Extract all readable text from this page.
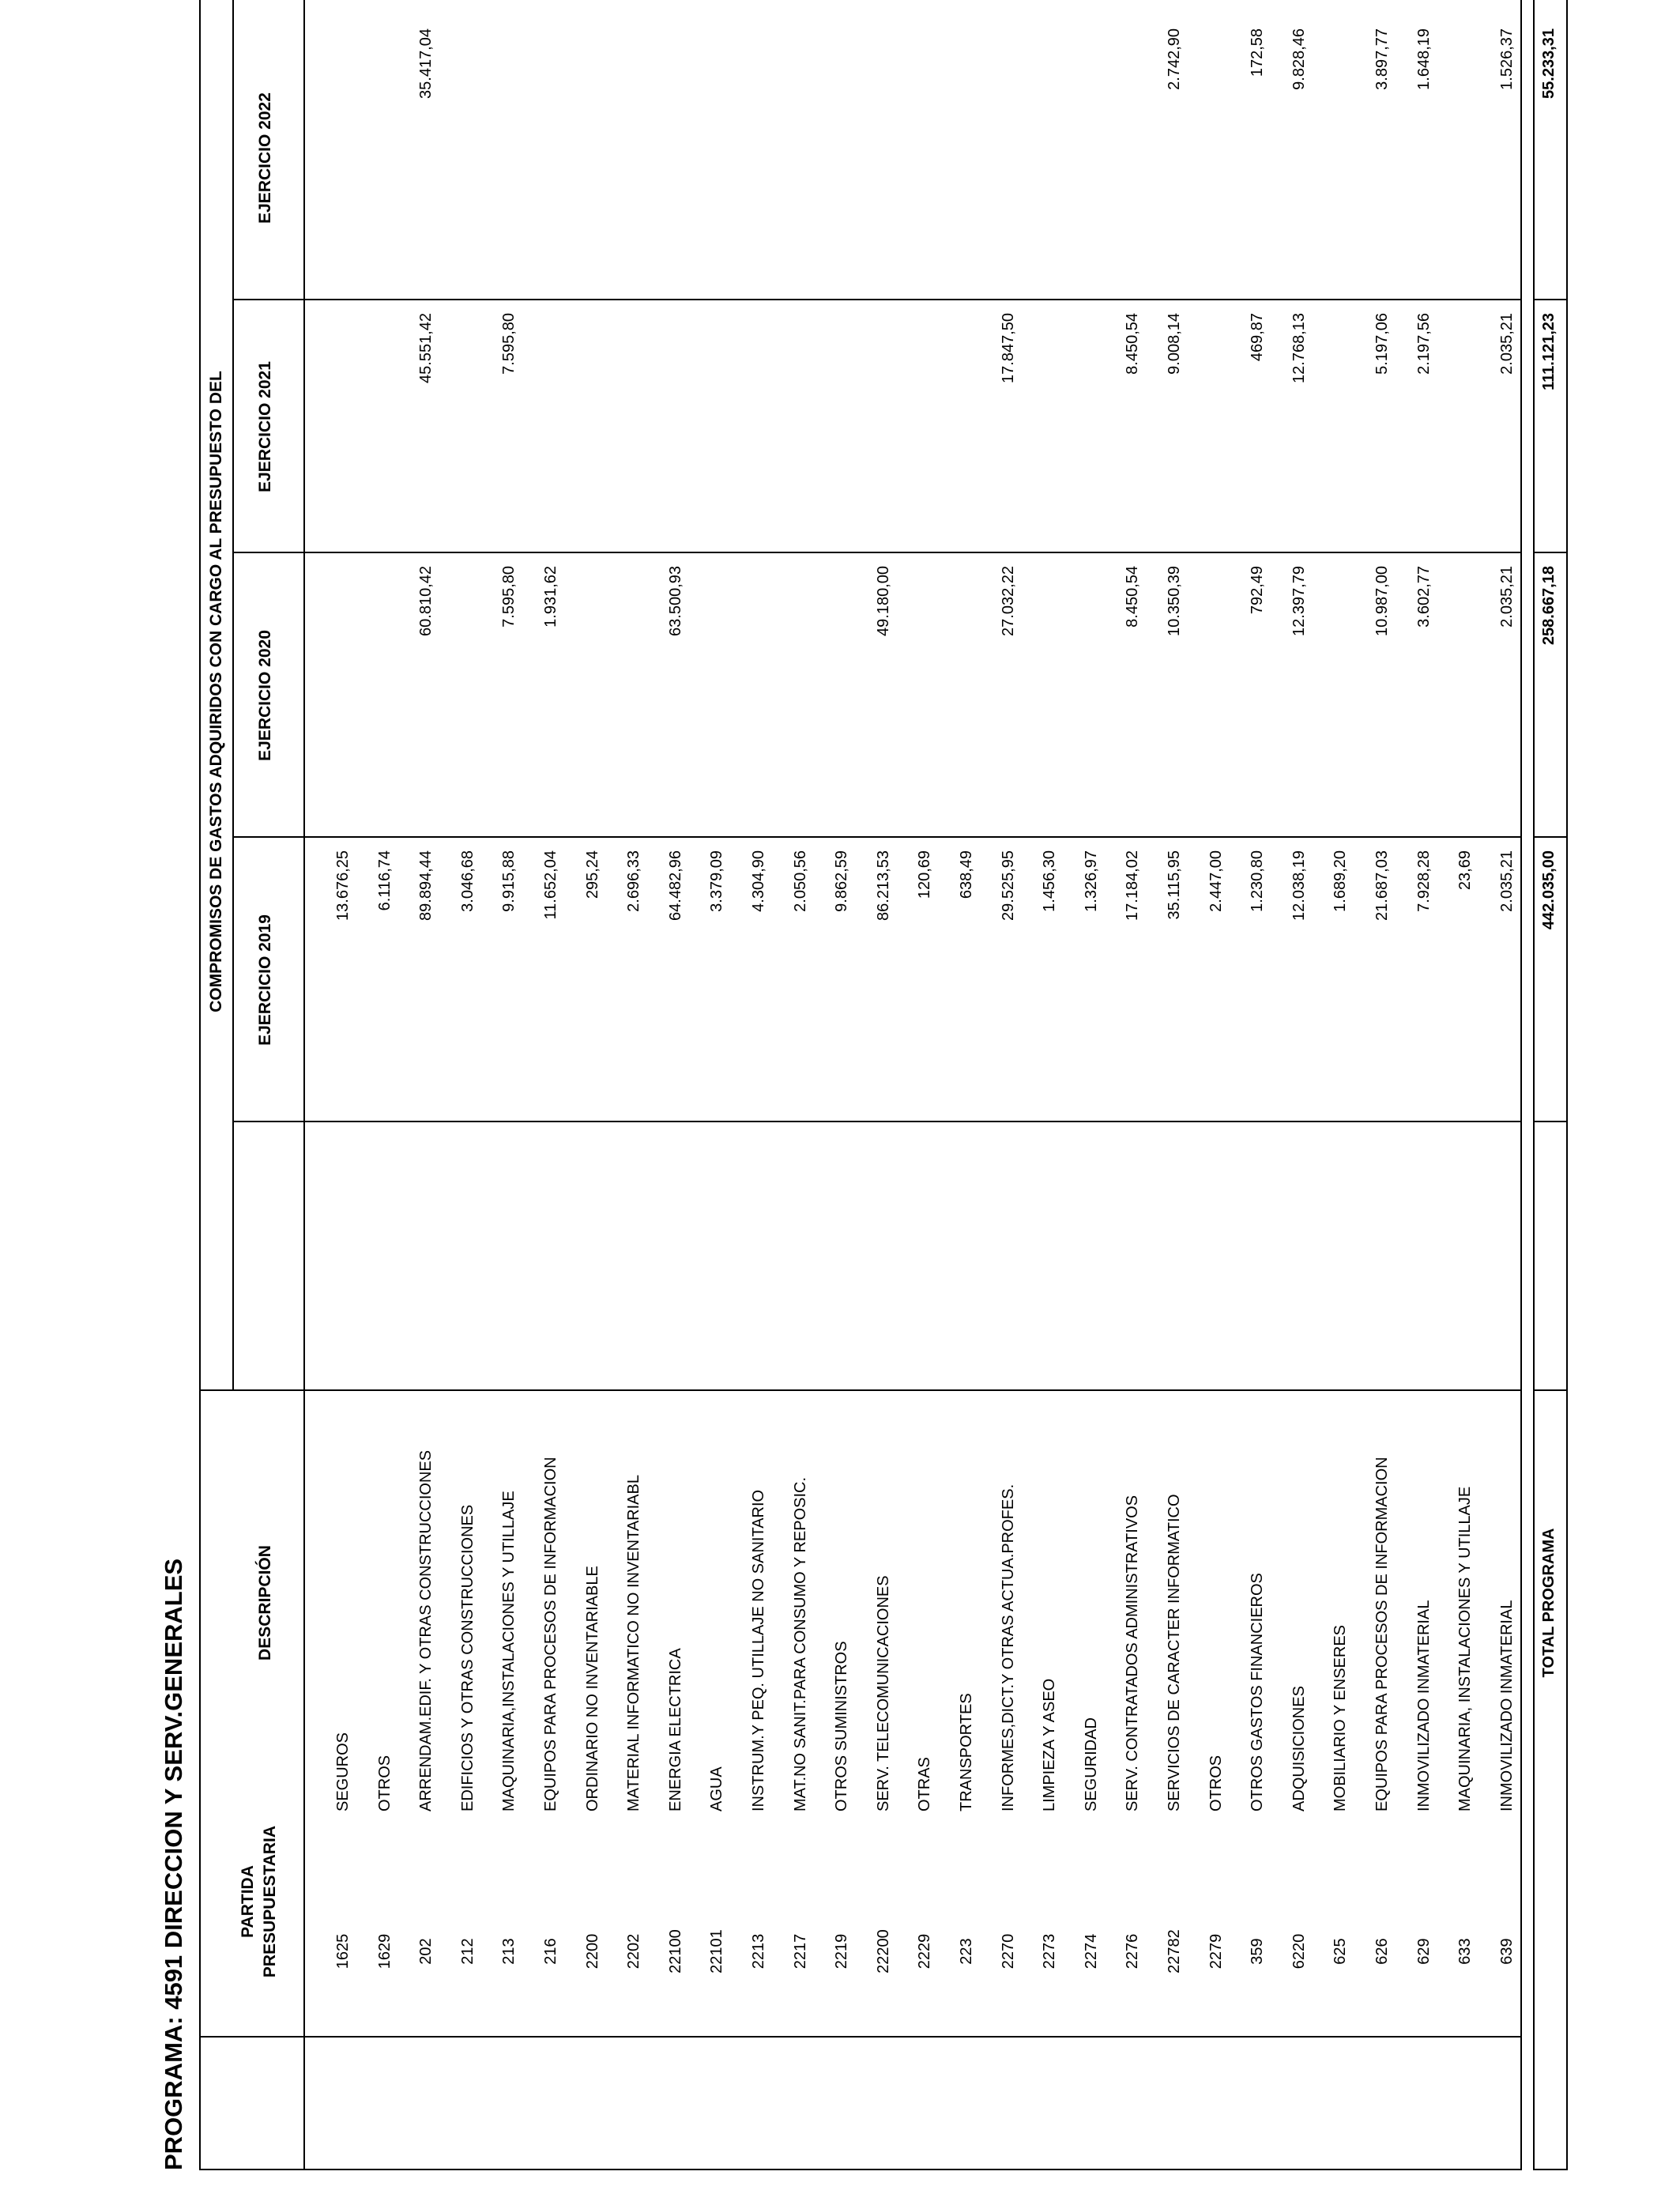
PROGRAMA: 4591 DIRECCION Y SERV.GENERALES	PARTIDA PRESUPUESTARIA
DESCRIPCIÓN
COMPROMISOS DE GASTOS ADQUIRIDOS CON CARGO AL PRESUPUESTO DEL EJERCICIO 2019
EJERCICIO 2020
EJERCICIO 2021
EJERCICIO 2022
1625
SEGUROS
13.676,25
1629
OTROS
6.116,74
202
ARRENDAM.EDIF. Y OTRAS CONSTRUCCIONES
89.894,44
60.810,42
45.551,42
35.417,04
212
EDIFICIOS Y OTRAS CONSTRUCCIONES
3.046,68
213
MAQUINARIA,INSTALACIONES Y UTILLAJE
9.915,88
7.595,80
7.595,80
216
EQUIPOS PARA PROCESOS DE INFORMACION
11.652,04
1.931,62
2200
ORDINARIO NO INVENTARIABLE
295,24
2202
MATERIAL INFORMATICO NO INVENTARIABL
2.696,33
22100
ENERGIA ELECTRICA
64.482,96
63.500,93
22101
AGUA
3.379,09
2213
INSTRUM.Y PEQ. UTILLAJE NO SANITARIO
4.304,90
2217
MAT.NO SANIT.PARA CONSUMO Y REPOSIC.
2.050,56
2219
OTROS SUMINISTROS
9.862,59
22200
SERV. TELECOMUNICACIONES
86.213,53
49.180,00
2229
OTRAS
120,69
223
TRANSPORTES
638,49
2270
INFORMES,DICT.Y OTRAS ACTUA.PROFES.
29.525,95
27.032,22
17.847,50
2273
LIMPIEZA Y ASEO
1.456,30
2274
SEGURIDAD
1.326,97
2276
SERV. CONTRATADOS ADMINISTRATIVOS
17.184,02
8.450,54
8.450,54
22782
SERVICIOS DE CARACTER INFORMATICO
35.115,95
10.350,39
9.008,14
2.742,90
2279
OTROS
2.447,00
359
OTROS GASTOS FINANCIEROS
1.230,80
792,49
469,87
172,58
6220
ADQUISICIONES
12.038,19
12.397,79
12.768,13
9.828,46
625
MOBILIARIO Y ENSERES
1.689,20
626
EQUIPOS PARA PROCESOS DE INFORMACION
21.687,03
10.987,00
5.197,06
3.897,77
629
INMOVILIZADO INMATERIAL
7.928,28
3.602,77
2.197,56
1.648,19
633
MAQUINARIA, INSTALACIONES Y UTILLAJE
23,69
639
INMOVILIZADO INMATERIAL
2.035,21
2.035,21
2.035,21
1.526,37
TOTAL PROGRAMA
442.035,00
258.667,18
111.121,23
55.233,31
